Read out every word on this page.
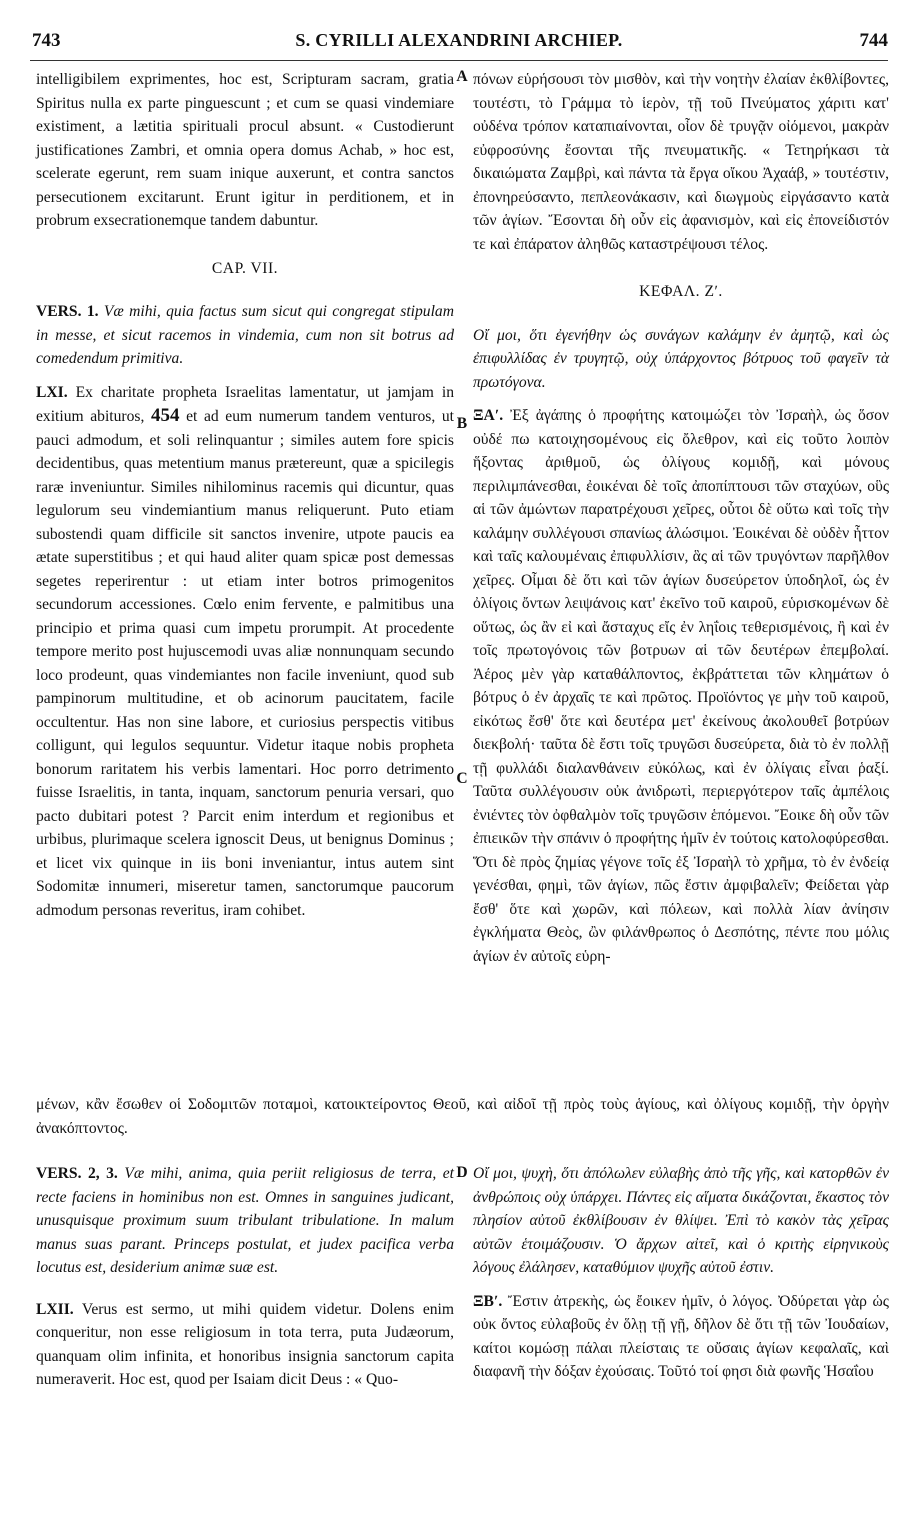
743	S. CYRILLI ALEXANDRINI ARCHIEP.	744
A
B
C
D

intelligibilem exprimentes, hoc est, Scripturam sacram, gratia Spiritus nulla ex parte pinguescunt ; et cum se quasi vindemiare existiment, a lætitia spirituali procul absunt. « Custodierunt justificationes Zambri, et omnia opera domus Achab, » hoc est, scelerate egerunt, rem suam inique auxerunt, et contra sanctos persecutionem excitarunt. Erunt igitur in perditionem, et in probrum exsecrationemque tandem dabuntur.

CAP. VII.

VERS. 1. Væ mihi, quia factus sum sicut qui congregat stipulam in messe, et sicut racemos in vindemia, cum non sit botrus ad comedendum primitiva.

LXI. Ex charitate propheta Israelitas lamentatur, ut jamjam in exitium abituros, 454 et ad eum numerum tandem venturos, ut pauci admodum, et soli relinquantur ; similes autem fore spicis decidentibus, quas metentium manus prætereunt, quæ a spicilegis raræ inveniuntur. Similes nihilominus racemis qui dicuntur, quas legulorum seu vindemiantium manus reliquerunt. Puto etiam subostendi quam difficile sit sanctos invenire, utpote paucis ea ætate superstitibus ; et qui haud aliter quam spicæ post demessas segetes reperirentur : ut etiam inter botros primogenitos secundorum accessiones. Cœlo enim fervente, e palmitibus una principio et prima quasi cum impetu prorumpit. At procedente tempore merito post hujuscemodi uvas aliæ nonnunquam secundo loco prodeunt, quas vindemiantes non facile inveniunt, quod sub pampinorum multitudine, et ob acinorum paucitatem, facile occultentur. Has non sine labore, et curiosius perspectis vitibus colligunt, qui legulos sequuntur. Videtur itaque nobis propheta bonorum raritatem his verbis lamentari. Hoc porro detrimento fuisse Israelitis, in tanta, inquam, sanctorum penuria versari, quo pacto dubitari potest ? Parcit enim interdum et regionibus et urbibus, plurimaque scelera ignoscit Deus, ut benignus Dominus ; et licet vix quinque in iis boni inveniantur, intus autem sint Sodomitæ innumeri, miseretur tamen, sanctorumque paucorum admodum personas reveritus, iram cohibet.

πόνων εὑρήσουσι τὸν μισθὸν, καὶ τὴν νοητὴν ἐλαίαν ἐκθλίβοντες, τουτέστι, τὸ Γράμμα τὸ ἱερὸν, τῇ τοῦ Πνεύματος χάριτι κατ' οὐδένα τρόπον καταπιαίνονται, οἷον δὲ τρυγᾷν οἰόμενοι, μακρὰν εὐφροσύνης ἔσονται τῆς πνευματικῆς. « Τετηρήκασι τὰ δικαιώματα Ζαμβρὶ, καὶ πάντα τὰ ἔργα οἴκου Ἀχαάβ, » τουτέστιν, ἐπονηρεύσαντο, πεπλεονάκασιν, καὶ διωγμοὺς εἰργάσαντο κατὰ τῶν ἁγίων. Ἔσονται δὴ οὖν εἰς ἀφανισμὸν, καὶ εἰς ἐπονείδιστόν τε καὶ ἐπάρατον ἀληθῶς καταστρέψουσι τέλος.

ΚΕΦΑΛ. Ζʹ.

Οἴ μοι, ὅτι ἐγενήθην ὡς συνάγων καλάμην ἐν ἀμητῷ, καὶ ὡς ἐπιφυλλίδας ἐν τρυγητῷ, οὐχ ὑπάρχοντος βότρυος τοῦ φαγεῖν τὰ πρωτόγονα.

ΞΑʹ. Ἐξ ἀγάπης ὁ προφήτης κατοιμώζει τὸν Ἰσραὴλ, ὡς ὅσον οὐδέ πω κατοιχησομένους εἰς ὄλεθρον, καὶ εἰς τοῦτο λοιπὸν ἥξοντας ἀριθμοῦ, ὡς ὀλίγους κομιδῇ, καὶ μόνους περιλιμπάνεσθαι, ἐοικέναι δὲ τοῖς ἀποπίπτουσι τῶν σταχύων, οὓς αἱ τῶν ἀμώντων παρατρέχουσι χεῖρες, οὗτοι δὲ οὕτω καὶ τοῖς τὴν καλάμην συλλέγουσι σπανίως ἁλώσιμοι. Ἐοικέναι δὲ οὐδὲν ἧττον καὶ ταῖς καλουμέναις ἐπιφυλλίσιν, ἃς αἱ τῶν τρυγόντων παρῆλθον χεῖρες. Οἶμαι δὲ ὅτι καὶ τῶν ἁγίων δυσεύρετον ὑποδηλοῖ, ὡς ἐν ὀλίγοις ὄντων λειψάνοις κατ' ἐκεῖνο τοῦ καιροῦ, εὑρισκομένων δὲ οὕτως, ὡς ἂν εἰ καὶ ἄσταχυς εἴς ἐν ληΐοις τεθερισμένοις, ἢ καὶ ἐν τοῖς πρωτογόνοις τῶν βοτρυων αἱ τῶν δευτέρων ἐπεμβολαί. Ἀέρος μὲν γὰρ καταθάλποντος, ἐκβράττεται τῶν κλημάτων ὁ βότρυς ὁ ἐν ἀρχαῖς τε καὶ πρῶτος. Προϊόντος γε μὴν τοῦ καιροῦ, εἰκότως ἔσθ' ὅτε καὶ δευτέρα μετ' ἐκείνους ἀκολουθεῖ βοτρύων διεκβολή· ταῦτα δὲ ἔστι τοῖς τρυγῶσι δυσεύρετα, διὰ τὸ ἐν πολλῇ τῇ φυλλάδι διαλανθάνειν εὐκόλως, καὶ ἐν ὀλίγαις εἶναι ῥαξί. Ταῦτα συλλέγουσιν οὐκ ἀνιδρωτὶ, περιεργότερον ταῖς ἀμπέλοις ἐνιέντες τὸν ὀφθαλμὸν τοῖς τρυγῶσιν ἑπόμενοι. Ἔοικε δὴ οὖν τῶν ἐπιεικῶν τὴν σπάνιν ὁ προφήτης ἡμῖν ἐν τούτοις κατολοφύρεσθαι. Ὅτι δὲ πρὸς ζημίας γέγονε τοῖς ἐξ Ἰσραὴλ τὸ χρῆμα, τὸ ἐν ἐνδείᾳ γενέσθαι, φημὶ, τῶν ἁγίων, πῶς ἔστιν ἀμφιβαλεῖν; Φείδεται γὰρ ἔσθ' ὅτε καὶ χωρῶν, καὶ πόλεων, καὶ πολλὰ λίαν ἀνίησιν ἐγκλήματα Θεὸς, ὢν φιλάνθρωπος ὁ Δεσπότης, πέντε που μόλις ἁγίων ἐν αὐτοῖς εὑρη-

μένων, κἂν ἔσωθεν οἱ Σοδομιτῶν ποταμοὶ, κατοικτείροντος Θεοῦ, καὶ αἰδοῖ τῇ πρὸς τοὺς ἁγίους, καὶ ὀλίγους κομιδῇ, τὴν ὀργὴν ἀνακόπτοντος.

VERS. 2, 3. Væ mihi, anima, quia periit religiosus de terra, et recte faciens in hominibus non est. Omnes in sanguines judicant, unusquisque proximum suum tribulant tribulatione. In malum manus suas parant. Princeps postulat, et judex pacifica verba locutus est, desiderium animæ suæ est.

LXII. Verus est sermo, ut mihi quidem videtur. Dolens enim conqueritur, non esse religiosum in tota terra, puta Judæorum, quanquam olim infinita, et honoribus insignia sanctorum capita numeraverit. Hoc est, quod per Isaiam dicit Deus : « Quo-

Οἴ μοι, ψυχὴ, ὅτι ἀπόλωλεν εὐλαβὴς ἀπὸ τῆς γῆς, καὶ κατορθῶν ἐν ἀνθρώποις οὐχ ὑπάρχει. Πάντες εἰς αἵματα δικάζονται, ἕκαστος τὸν πλησίον αὐτοῦ ἐκθλίβουσιν ἐν θλίψει. Ἐπὶ τὸ κακὸν τὰς χεῖρας αὐτῶν ἑτοιμάζουσιν. Ὁ ἄρχων αἰτεῖ, καὶ ὁ κριτὴς εἰρηνικοὺς λόγους ἐλάλησεν, καταθύμιον ψυχῆς αὐτοῦ ἐστιν.

ΞΒʹ. Ἔστιν ἀτρεκὴς, ὡς ἔοικεν ἡμῖν, ὁ λόγος. Ὀδύρεται γὰρ ὡς οὐκ ὄντος εὐλαβοῦς ἐν ὅλῃ τῇ γῇ, δῆλον δὲ ὅτι τῇ τῶν Ἰουδαίων, καίτοι κομώσῃ πάλαι πλείσταις τε οὔσαις ἁγίων κεφαλαῖς, καὶ διαφανῆ τὴν δόξαν ἐχούσαις. Τοῦτό τοί φησι διὰ φωνῆς Ἡσαΐου
